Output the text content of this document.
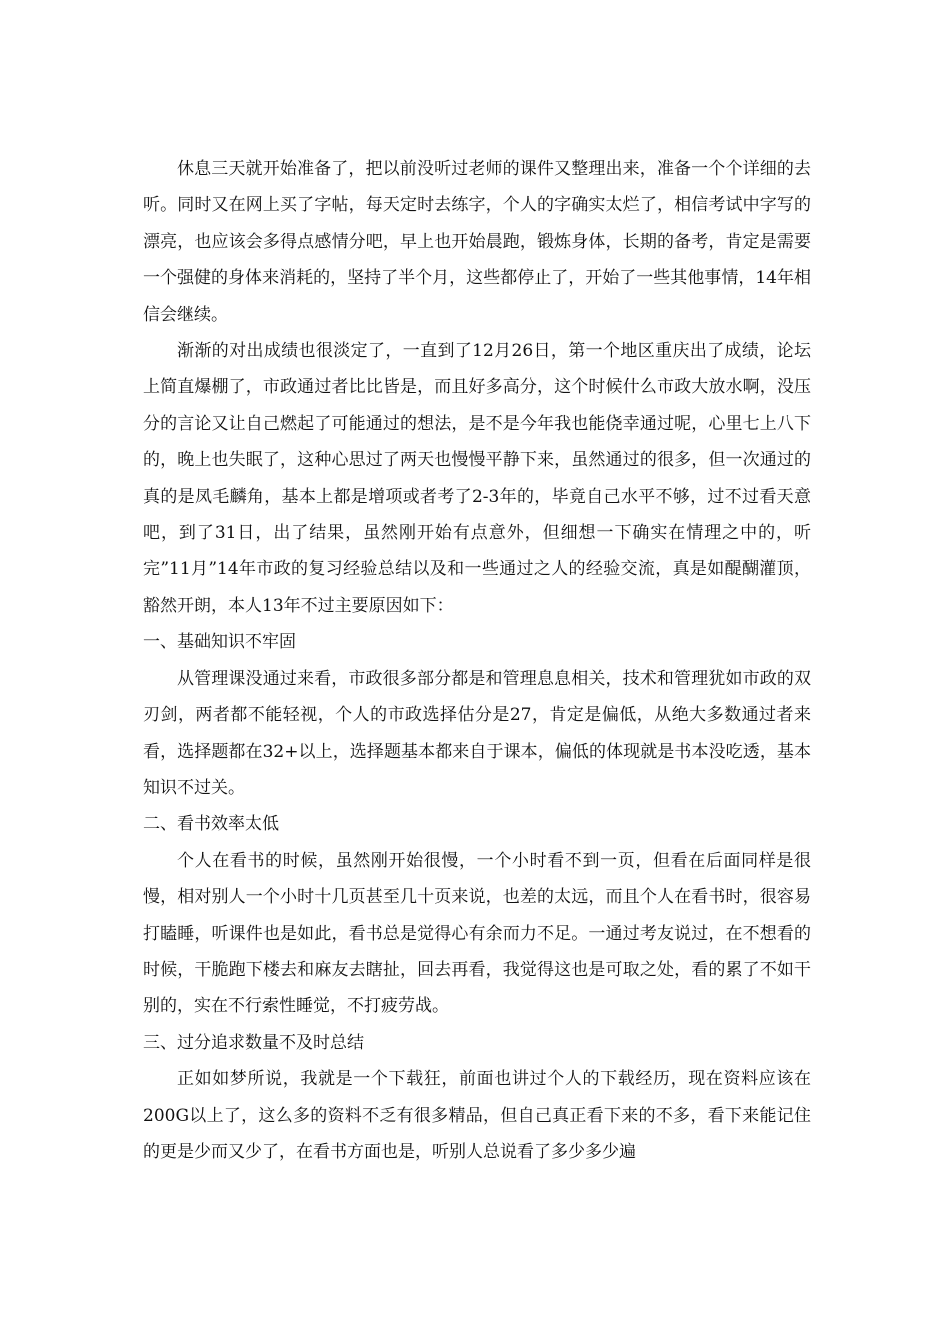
休息三天就开始准备了，把以前没听过老师的课件又整理出来，准备一个个详细的去听。同时又在网上买了字帖，每天定时去练字，个人的字确实太烂了，相信考试中字写的漂亮，也应该会多得点感情分吧，早上也开始晨跑，锻炼身体，长期的备考，肯定是需要一个强健的身体来消耗的，坚持了半个月，这些都停止了，开始了一些其他事情，14年相信会继续。

渐渐的对出成绩也很淡定了，一直到了12月26日，第一个地区重庆出了成绩，论坛上简直爆棚了，市政通过者比比皆是，而且好多高分，这个时候什么市政大放水啊，没压分的言论又让自己燃起了可能通过的想法，是不是今年我也能侥幸通过呢，心里七上八下的，晚上也失眠了，这种心思过了两天也慢慢平静下来，虽然通过的很多，但一次通过的真的是凤毛麟角，基本上都是增项或者考了2-3年的，毕竟自己水平不够，过不过看天意吧，到了31日，出了结果，虽然刚开始有点意外，但细想一下确实在情理之中的，听完”11月”14年市政的复习经验总结以及和一些通过之人的经验交流，真是如醍醐灌顶，豁然开朗，本人13年不过主要原因如下：

一、基础知识不牢固

从管理课没通过来看，市政很多部分都是和管理息息相关，技术和管理犹如市政的双刃剑，两者都不能轻视，个人的市政选择估分是27，肯定是偏低，从绝大多数通过者来看，选择题都在32+以上，选择题基本都来自于课本，偏低的体现就是书本没吃透，基本知识不过关。

二、看书效率太低

个人在看书的时候，虽然刚开始很慢，一个小时看不到一页，但看在后面同样是很慢，相对别人一个小时十几页甚至几十页来说，也差的太远，而且个人在看书时，很容易打瞌睡，听课件也是如此，看书总是觉得心有余而力不足。一通过考友说过，在不想看的时候，干脆跑下楼去和麻友去瞎扯，回去再看，我觉得这也是可取之处，看的累了不如干别的，实在不行索性睡觉，不打疲劳战。

三、过分追求数量不及时总结

正如如梦所说，我就是一个下载狂，前面也讲过个人的下载经历，现在资料应该在200G以上了，这么多的资料不乏有很多精品，但自己真正看下来的不多，看下来能记住的更是少而又少了，在看书方面也是，听别人总说看了多少多少遍
